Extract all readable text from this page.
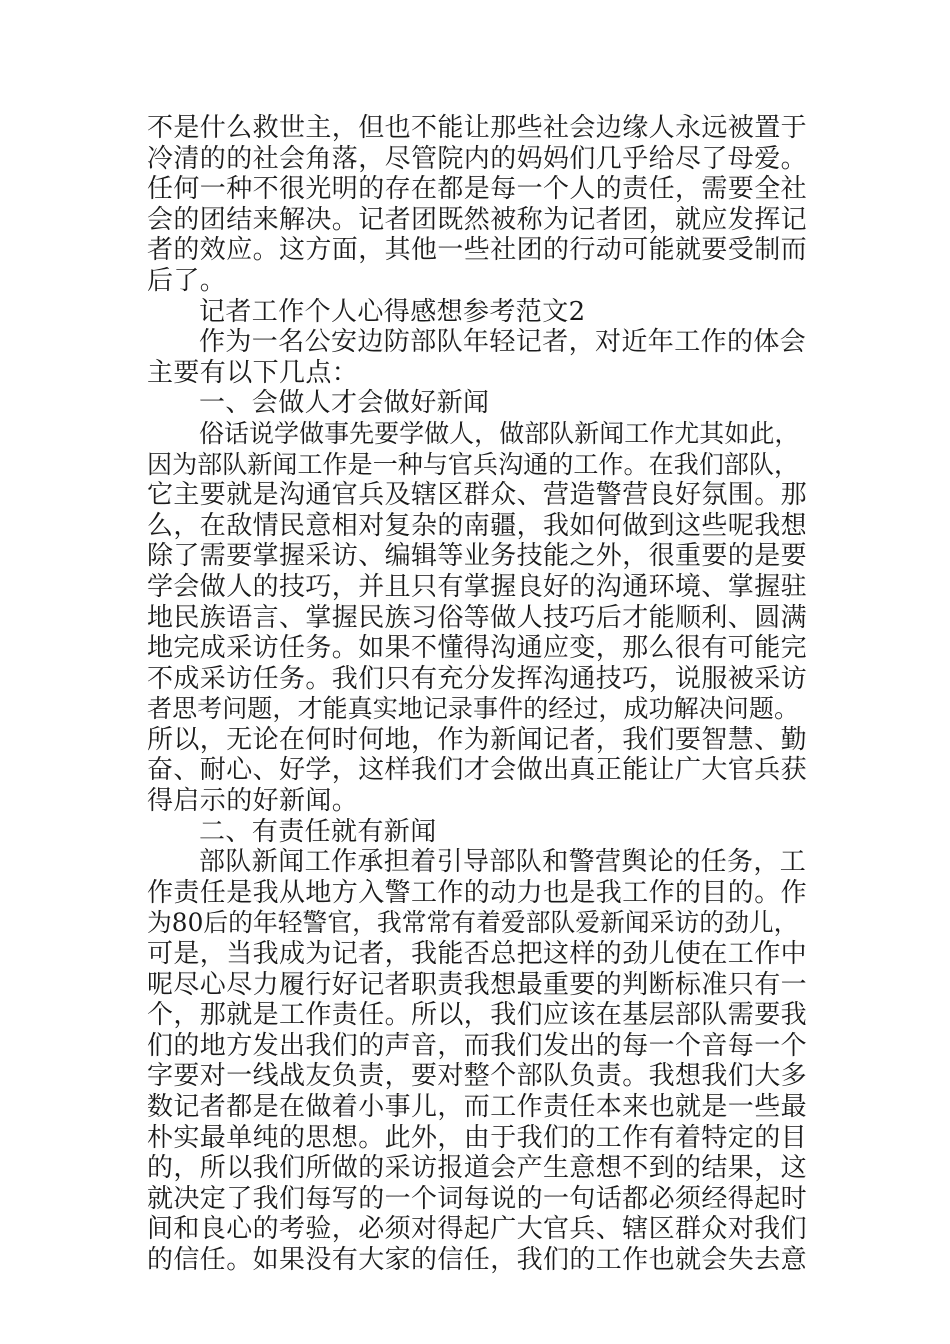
不是什么救世主，但也不能让那些社会边缘人永远被置于
冷清的的社会角落，尽管院内的妈妈们几乎给尽了母爱。
任何一种不很光明的存在都是每一个人的责任，需要全社
会的团结来解决。记者团既然被称为记者团，就应发挥记
者的效应。这方面，其他一些社团的行动可能就要受制而
后了。
记者工作个人心得感想参考范文2
作为一名公安边防部队年轻记者，对近年工作的体会
主要有以下几点：
一、会做人才会做好新闻
俗话说学做事先要学做人，做部队新闻工作尤其如此，
因为部队新闻工作是一种与官兵沟通的工作。在我们部队，
它主要就是沟通官兵及辖区群众、营造警营良好氛围。那
么，在敌情民意相对复杂的南疆，我如何做到这些呢我想
除了需要掌握采访、编辑等业务技能之外，很重要的是要
学会做人的技巧，并且只有掌握良好的沟通环境、掌握驻
地民族语言、掌握民族习俗等做人技巧后才能顺利、圆满
地完成采访任务。如果不懂得沟通应变，那么很有可能完
不成采访任务。我们只有充分发挥沟通技巧，说服被采访
者思考问题，才能真实地记录事件的经过，成功解决问题。
所以，无论在何时何地，作为新闻记者，我们要智慧、勤
奋、耐心、好学，这样我们才会做出真正能让广大官兵获
得启示的好新闻。
二、有责任就有新闻
部队新闻工作承担着引导部队和警营舆论的任务，工
作责任是我从地方入警工作的动力也是我工作的目的。作
为80后的年轻警官，我常常有着爱部队爱新闻采访的劲儿，
可是，当我成为记者，我能否总把这样的劲儿使在工作中
呢尽心尽力履行好记者职责我想最重要的判断标准只有一
个，那就是工作责任。所以，我们应该在基层部队需要我
们的地方发出我们的声音，而我们发出的每一个音每一个
字要对一线战友负责，要对整个部队负责。我想我们大多
数记者都是在做着小事儿，而工作责任本来也就是一些最
朴实最单纯的思想。此外，由于我们的工作有着特定的目
的，所以我们所做的采访报道会产生意想不到的结果，这
就决定了我们每写的一个词每说的一句话都必须经得起时
间和良心的考验，必须对得起广大官兵、辖区群众对我们
的信任。如果没有大家的信任，我们的工作也就会失去意
